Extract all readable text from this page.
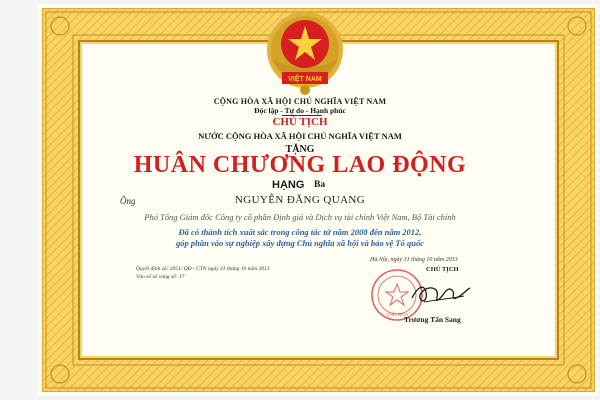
VIỆT NAM
CỘNG HÒA XÃ HỘI CHỦ NGHĨA VIỆT NAM
Độc lập - Tự do - Hạnh phúc
CHỦ TỊCH
NƯỚC CỘNG HÒA XÃ HỘI CHỦ NGHĨA VIỆT NAM
TẶNG
HUÂN CHƯƠNG LAO ĐỘNG
HẠNG Ba
Ông	NGUYỄN ĐĂNG QUANG
Phó Tổng Giám đốc Công ty cổ phần Định giá và Dịch vụ tài chính Việt Nam, Bộ Tài chính
Đã có thành tích xuất sắc trong công tác từ năm 2008 đến năm 2012,
góp phần vào sự nghiệp xây dựng Chủ nghĩa xã hội và bảo vệ Tổ quốc
Hà Nội, ngày 31 tháng 10 năm 2013
CHỦ TỊCH
Quyết định số: 2051/ QĐ - CTN ngày 31 tháng 10 năm 2013
Vào sổ số vàng số: 17
CHỦ TỊCH
Trương Tấn Sang
